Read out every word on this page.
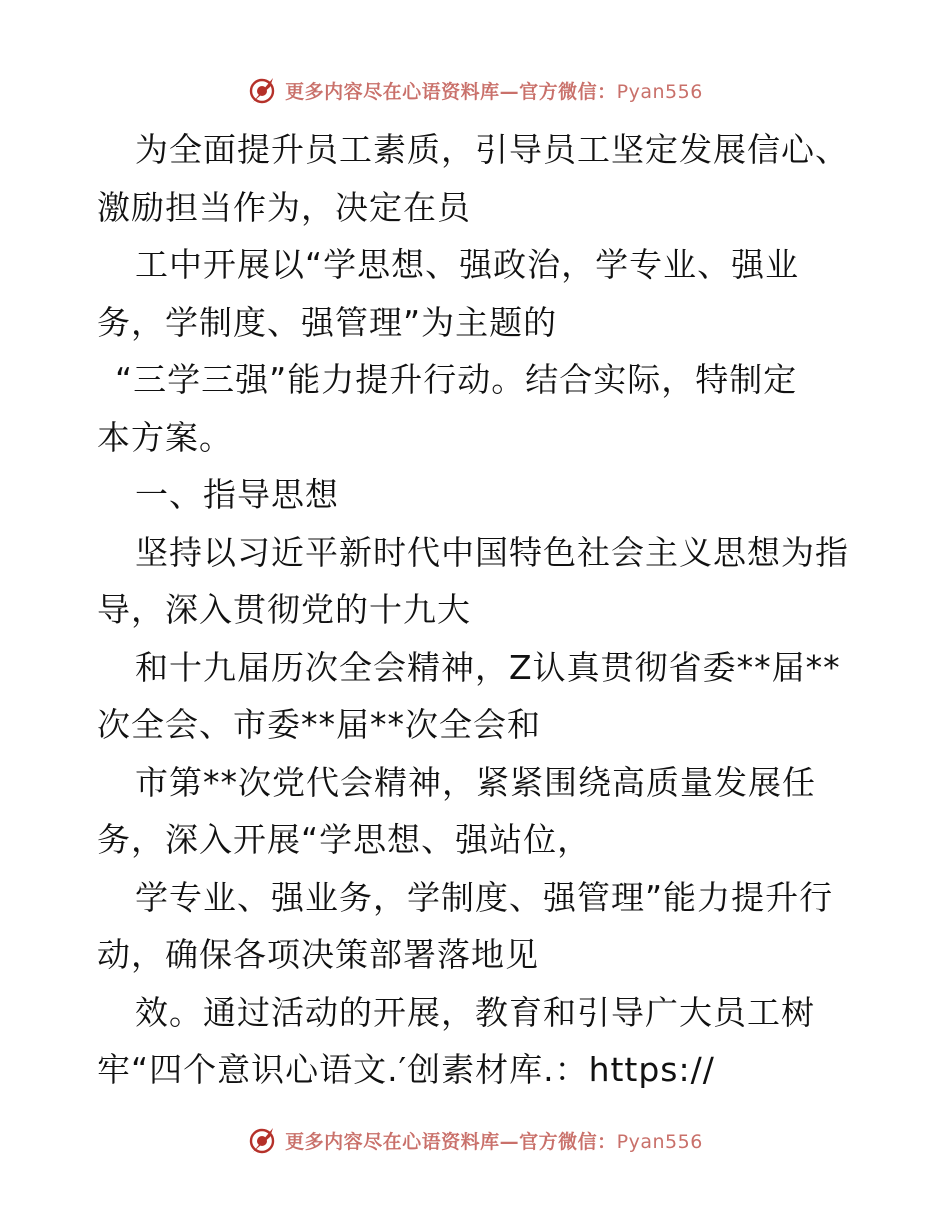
更多内容尽在心语资料库—官方微信：Pyan556
为全面提升员工素质，引导员工坚定发展信心、
激励担当作为，决定在员
工中开展以“学思想、强政治，学专业、强业
务，学制度、强管理”为主题的
“三学三强”能力提升行动。结合实际，特制定
本方案。
一、指导思想
坚持以习近平新时代中国特色社会主义思想为指
导，深入贯彻党的十九大
和十九届历次全会精神，Z认真贯彻省委**届**
次全会、市委**届**次全会和
市第**次党代会精神，紧紧围绕高质量发展任
务，深入开展“学思想、强站位，
学专业、强业务，学制度、强管理”能力提升行
动，确保各项决策部署落地见
效。通过活动的开展，教育和引导广大员工树
牢“四个意识心语文.′创素材库.：https://
更多内容尽在心语资料库—官方微信：Pyan556
